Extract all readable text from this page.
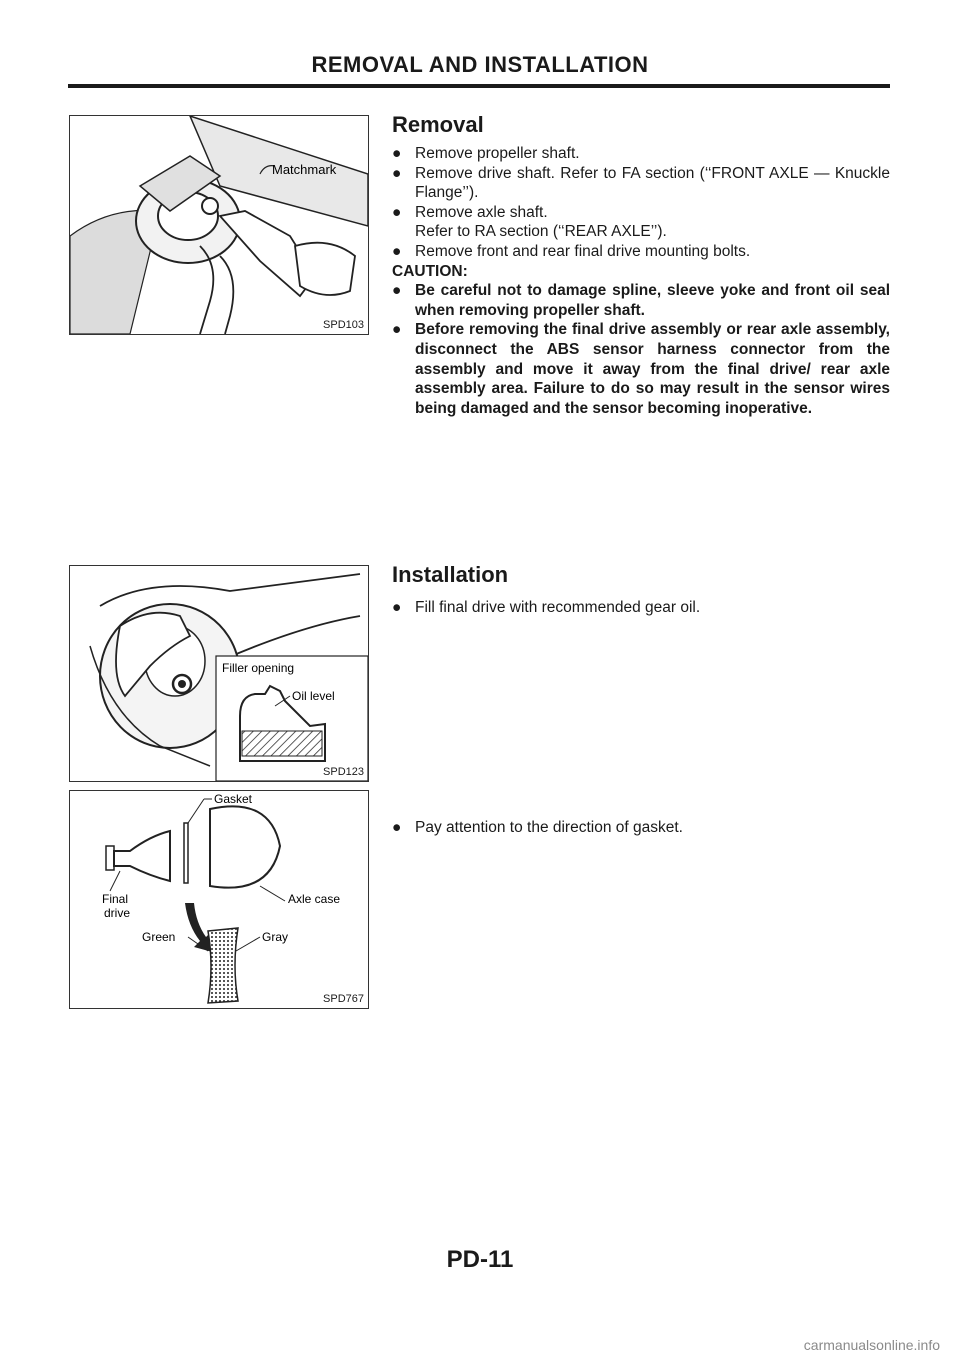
REMOVAL AND INSTALLATION
Matchmark
SPD103
Removal
● Remove propeller shaft.
● Remove drive shaft. Refer to FA section (‘‘FRONT AXLE — Knuckle Flange’’).
● Remove axle shaft.
Refer to RA section (‘‘REAR AXLE’’).
● Remove front and rear final drive mounting bolts.
CAUTION:
● Be careful not to damage spline, sleeve yoke and front oil seal when removing propeller shaft.
● Before removing the final drive assembly or rear axle assembly, disconnect the ABS sensor harness connector from the assembly and move it away from the final drive/ rear axle assembly area. Failure to do so may result in the sensor wires being damaged and the sensor becoming inoperative.
Filler opening
Oil level
SPD123
Installation
● Fill final drive with recommended gear oil.
Gasket
Final
drive
Axle case
Green	Gray
SPD767
● Pay attention to the direction of gasket.
PD-11
carmanualsonline.info
